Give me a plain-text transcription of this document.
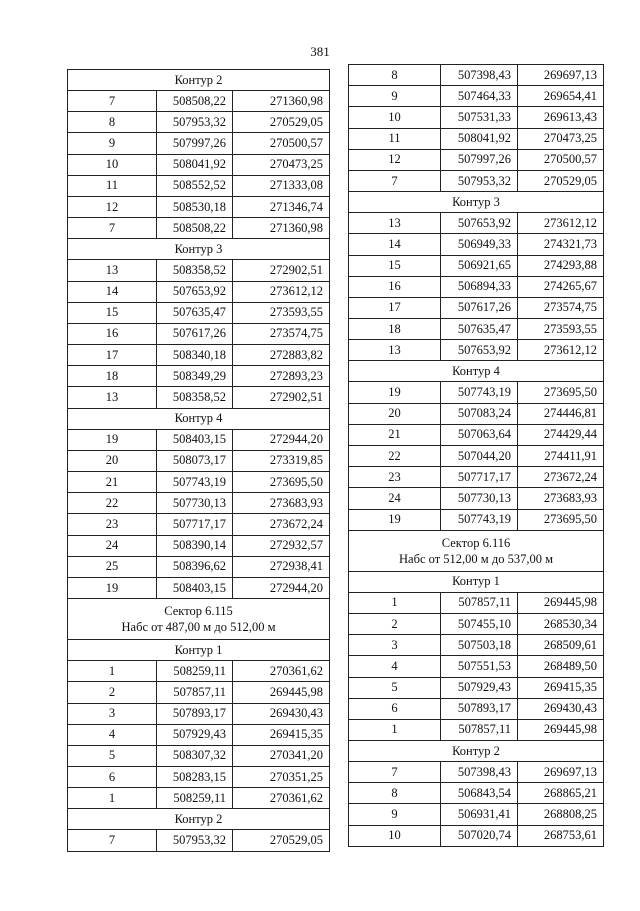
381
Контур 2		
7	508508,22	271360,98
8	507953,32	270529,05
9	507997,26	270500,57
10	508041,92	270473,25
11	508552,52	271333,08
12	508530,18	271346,74
7	508508,22	271360,98
Контур 3		
13	508358,52	272902,51
14	507653,92	273612,12
15	507635,47	273593,55
16	507617,26	273574,75
17	508340,18	272883,82
18	508349,29	272893,23
13	508358,52	272902,51
Контур 4		
19	508403,15	272944,20
20	508073,17	273319,85
21	507743,19	273695,50
22	507730,13	273683,93
23	507717,17	273672,24
24	508390,14	272932,57
25	508396,62	272938,41
19	508403,15	272944,20

Сектор 6.115
Набс от 487,00 м до 512,00 м		

Контур 1		
1	508259,11	270361,62
2	507857,11	269445,98
3	507893,17	269430,43
4	507929,43	269415,35
5	508307,32	270341,20
6	508283,15	270351,25
1	508259,11	270361,62
Контур 2		
7	507953,32	270529,05
8	507398,43	269697,13
9	507464,33	269654,41
10	507531,33	269613,43
11	508041,92	270473,25
12	507997,26	270500,57
7	507953,32	270529,05
Контур 3		
13	507653,92	273612,12
14	506949,33	274321,73
15	506921,65	274293,88
16	506894,33	274265,67
17	507617,26	273574,75
18	507635,47	273593,55
13	507653,92	273612,12
Контур 4		
19	507743,19	273695,50
20	507083,24	274446,81
21	507063,64	274429,44
22	507044,20	274411,91
23	507717,17	273672,24
24	507730,13	273683,93
19	507743,19	273695,50

Сектор 6.116
Набс от 512,00 м до 537,00 м		

Контур 1		
1	507857,11	269445,98
2	507455,10	268530,34
3	507503,18	268509,61
4	507551,53	268489,50
5	507929,43	269415,35
6	507893,17	269430,43
1	507857,11	269445,98
Контур 2		
7	507398,43	269697,13
8	506843,54	268865,21
9	506931,41	268808,25
10	507020,74	268753,61
